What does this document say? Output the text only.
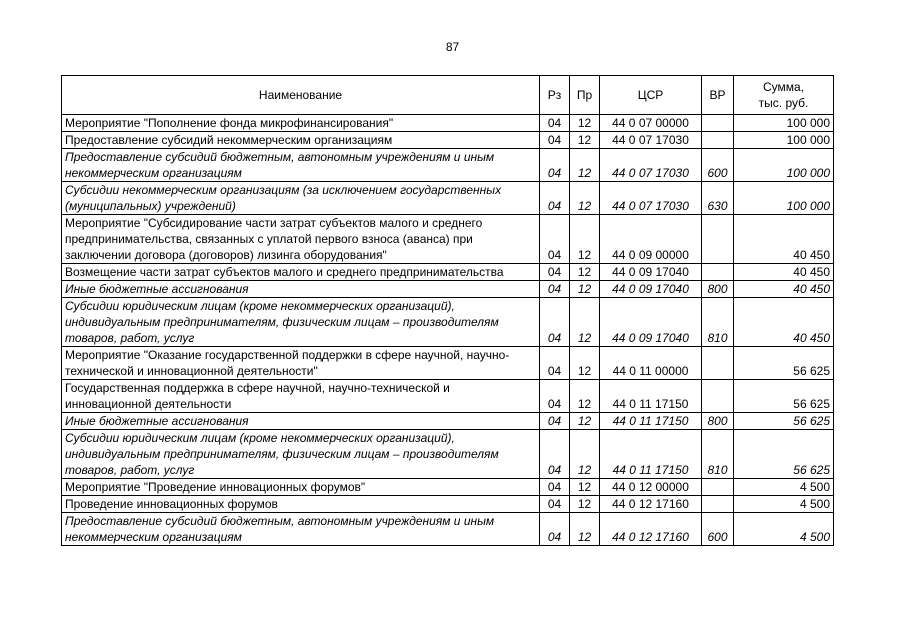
87
Наименование	Рз	Пр	ЦСР	ВР	Сумма,
тыс. руб.
Мероприятие "Пополнение фонда микрофинансирования"	04	12	44 0 07 00000		100 000
Предоставление субсидий некоммерческим организациям	04	12	44 0 07 17030		100 000
Предоставление субсидий бюджетным, автономным учреждениям и иным некоммерческим организациям	04	12	44 0 07 17030	600	100 000
Субсидии некоммерческим организациям (за исключением государственных (муниципальных) учреждений)	04	12	44 0 07 17030	630	100 000
Мероприятие "Субсидирование части затрат субъектов малого и среднего предпринимательства, связанных с уплатой первого взноса (аванса) при заключении договора (договоров) лизинга оборудования"	04	12	44 0 09 00000		40 450
Возмещение части затрат субъектов малого и среднего предпринимательства	04	12	44 0 09 17040		40 450
Иные бюджетные ассигнования	04	12	44 0 09 17040	800	40 450
Субсидии юридическим лицам (кроме некоммерческих организаций), индивидуальным предпринимателям, физическим лицам – производителям товаров, работ, услуг	04	12	44 0 09 17040	810	40 450
Мероприятие "Оказание государственной поддержки в сфере научной, научно-технической и инновационной деятельности"	04	12	44 0 11 00000		56 625
Государственная поддержка в сфере научной, научно-технической и инновационной деятельности	04	12	44 0 11 17150		56 625
Иные бюджетные ассигнования	04	12	44 0 11 17150	800	56 625
Субсидии юридическим лицам (кроме некоммерческих организаций), индивидуальным предпринимателям, физическим лицам – производителям товаров, работ, услуг	04	12	44 0 11 17150	810	56 625
Мероприятие "Проведение инновационных форумов"	04	12	44 0 12 00000		4 500
Проведение инновационных форумов	04	12	44 0 12 17160		4 500
Предоставление субсидий бюджетным, автономным учреждениям и иным некоммерческим организациям	04	12	44 0 12 17160	600	4 500
